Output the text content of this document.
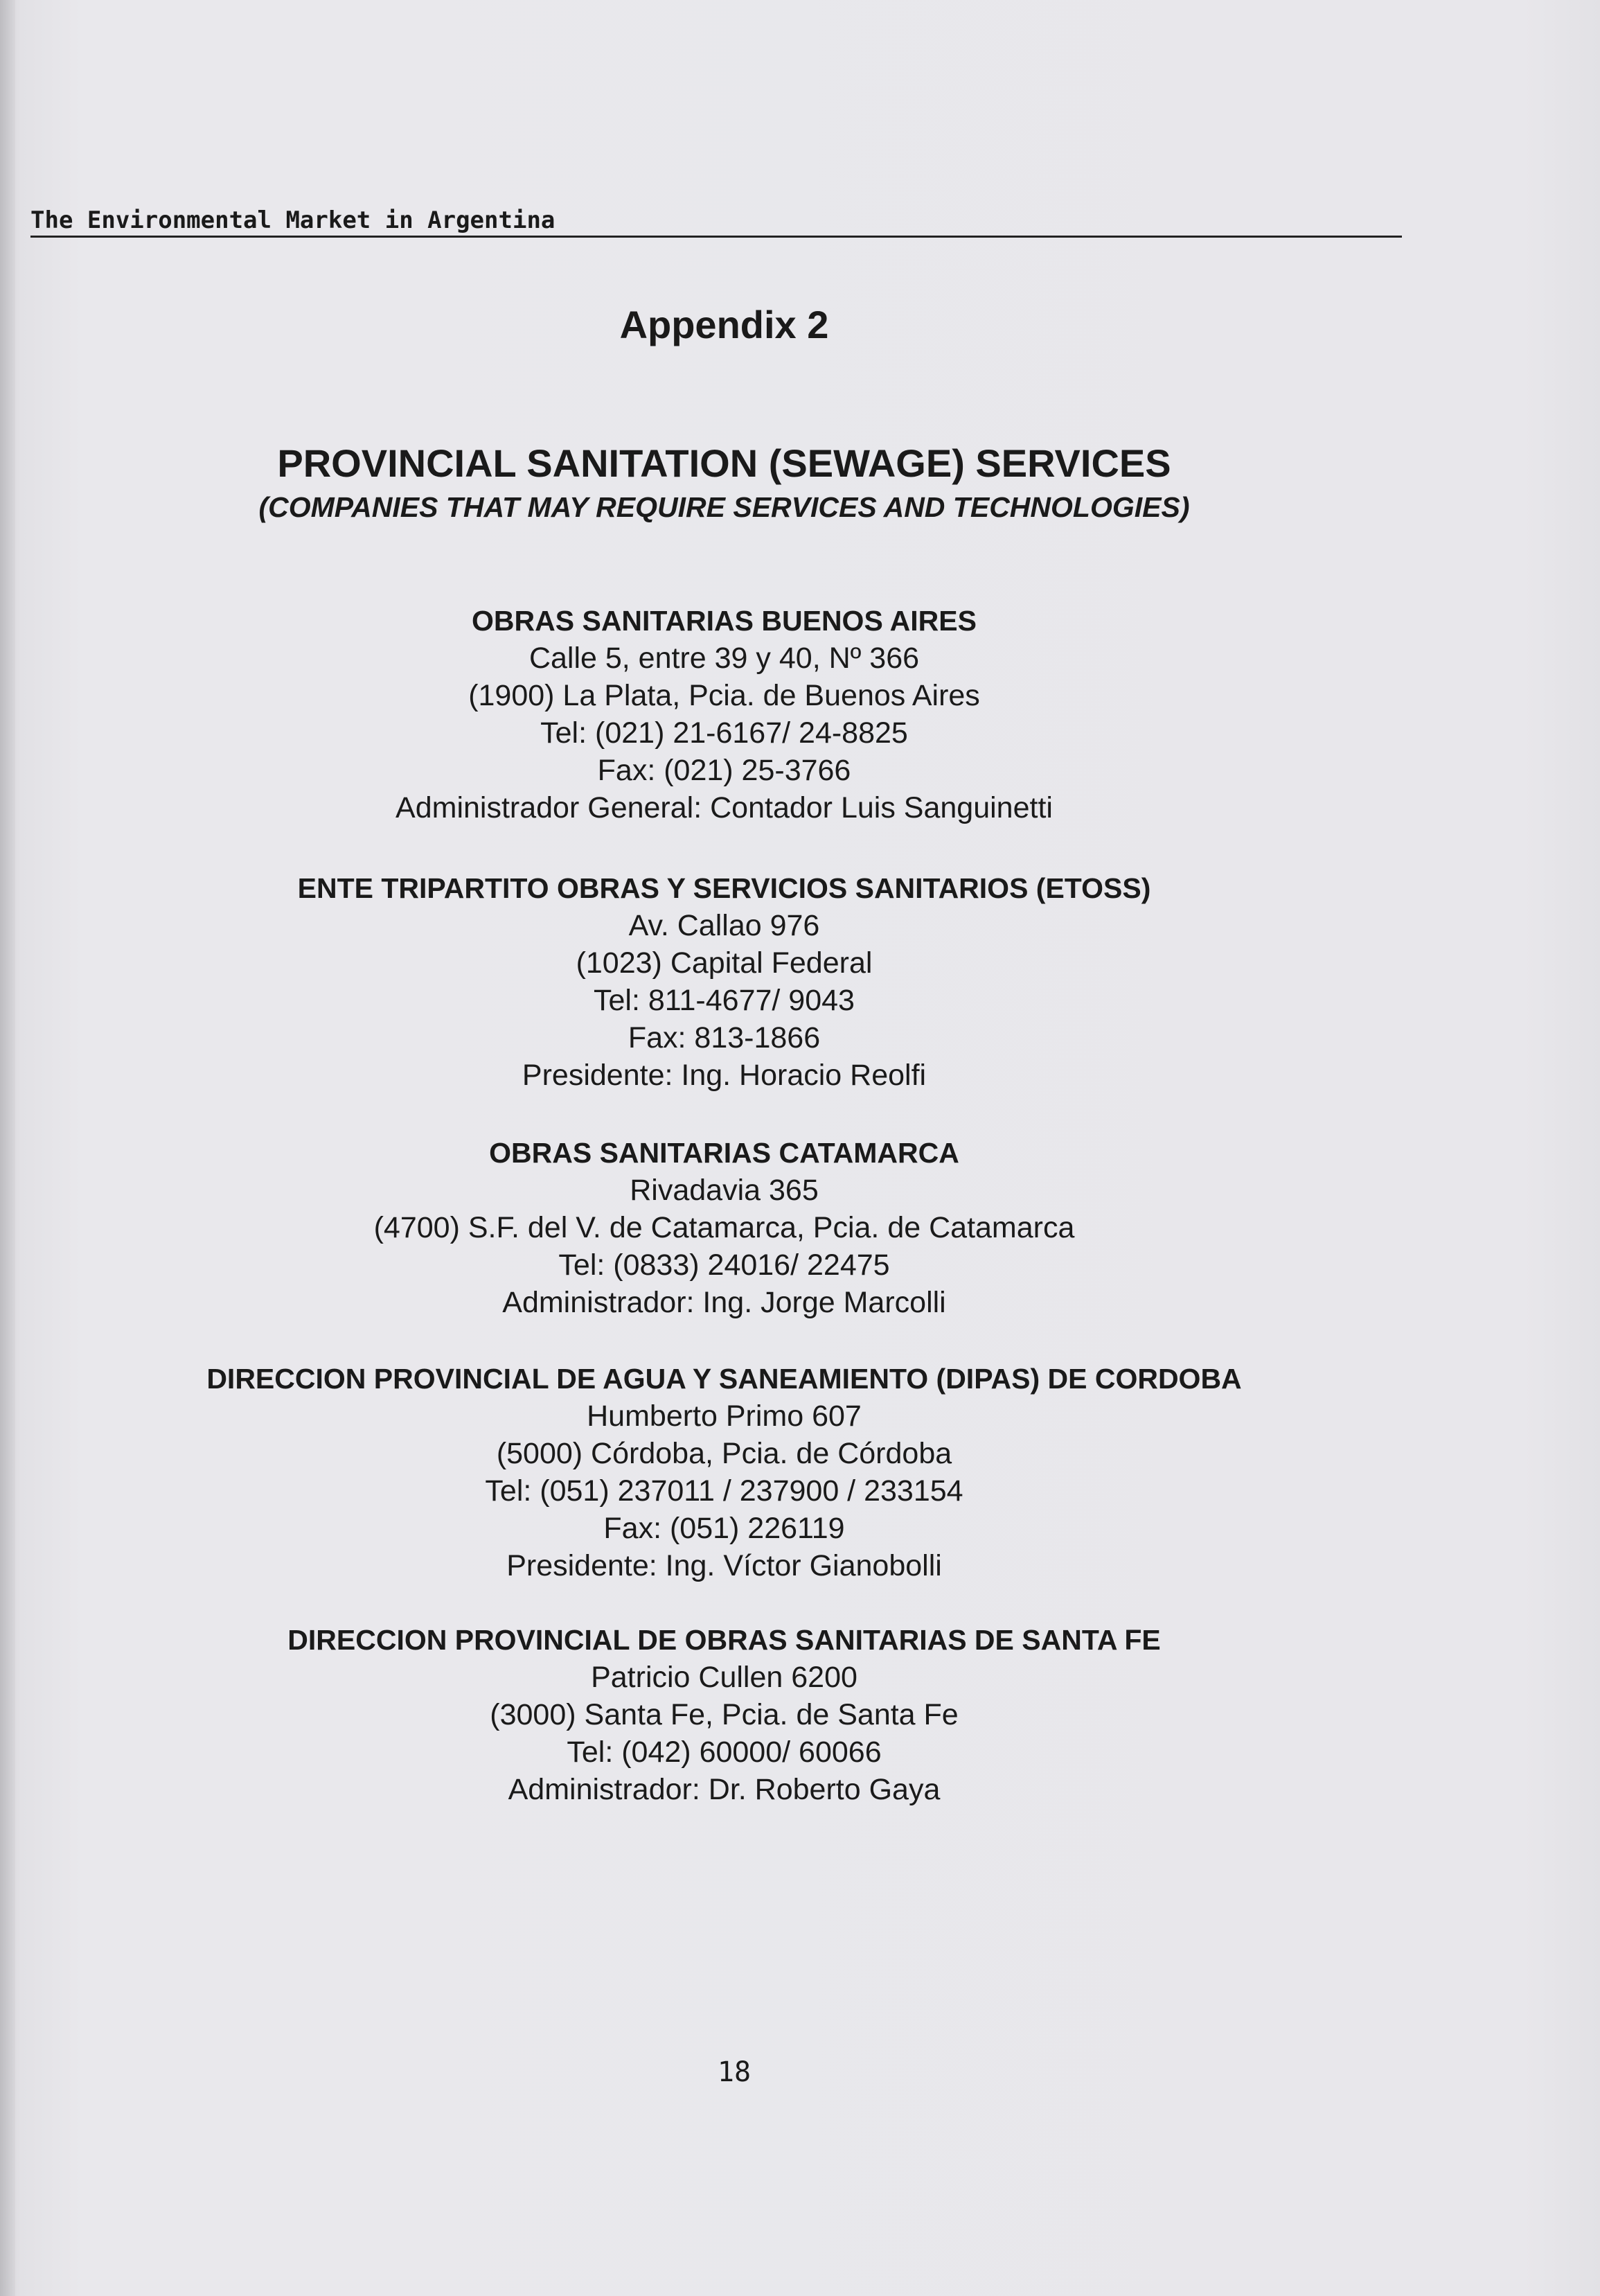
The Environmental Market in Argentina
Appendix 2
PROVINCIAL SANITATION (SEWAGE) SERVICES
(COMPANIES THAT MAY REQUIRE SERVICES AND TECHNOLOGIES)
OBRAS SANITARIAS BUENOS AIRES
Calle 5, entre 39 y 40, Nº 366
(1900) La Plata, Pcia. de Buenos Aires
Tel: (021) 21-6167/ 24-8825
Fax: (021) 25-3766
Administrador General: Contador Luis Sanguinetti
ENTE TRIPARTITO OBRAS Y SERVICIOS SANITARIOS (ETOSS)
Av. Callao 976
(1023) Capital Federal
Tel: 811-4677/ 9043
Fax: 813-1866
Presidente: Ing. Horacio Reolfi
OBRAS SANITARIAS CATAMARCA
Rivadavia 365
(4700) S.F. del V. de Catamarca, Pcia. de Catamarca
Tel: (0833) 24016/ 22475
Administrador: Ing. Jorge Marcolli
DIRECCION PROVINCIAL DE AGUA Y SANEAMIENTO (DIPAS) DE CORDOBA
Humberto Primo 607
(5000) Córdoba, Pcia. de Córdoba
Tel: (051) 237011 / 237900 / 233154
Fax: (051) 226119
Presidente: Ing. Víctor Gianobolli
DIRECCION PROVINCIAL DE OBRAS SANITARIAS DE SANTA FE
Patricio Cullen 6200
(3000) Santa Fe, Pcia. de Santa Fe
Tel: (042) 60000/ 60066
Administrador: Dr. Roberto Gaya
18
